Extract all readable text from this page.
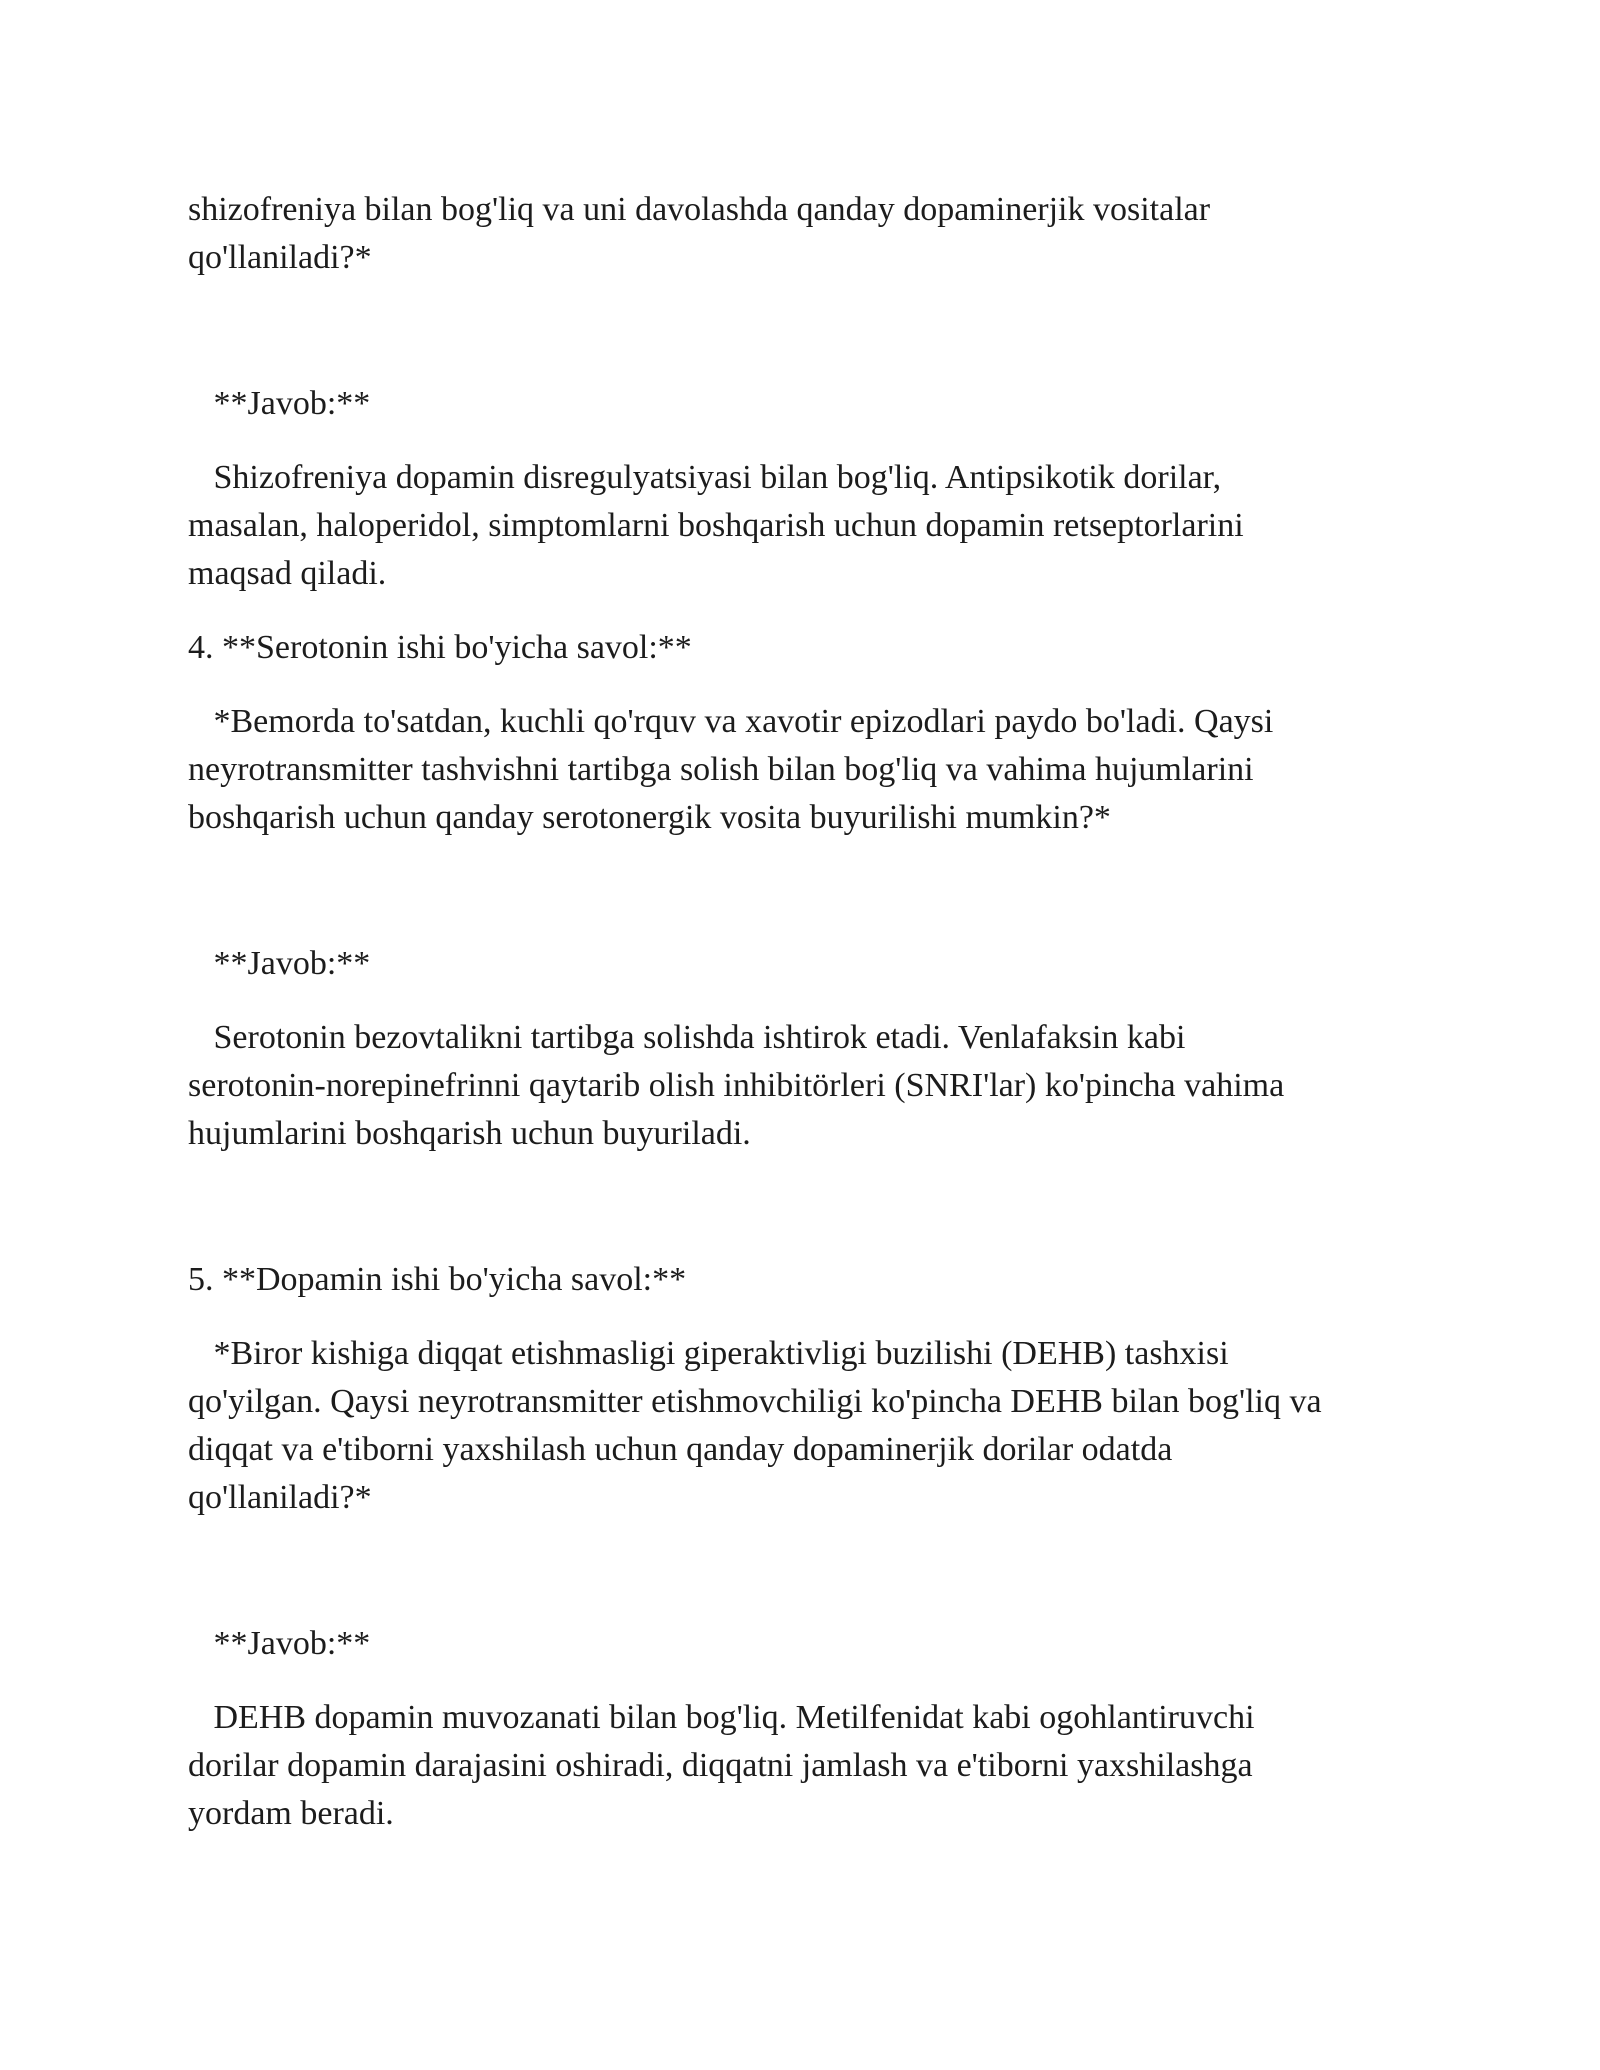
shizofreniya bilan bog'liq va uni davolashda qanday dopaminerjik vositalar
qo'llaniladi?*

**Javob:**

Shizofreniya dopamin disregulyatsiyasi bilan bog'liq. Antipsikotik dorilar,
masalan, haloperidol, simptomlarni boshqarish uchun dopamin retseptorlarini
maqsad qiladi.

4. **Serotonin ishi bo'yicha savol:**

*Bemorda to'satdan, kuchli qo'rquv va xavotir epizodlari paydo bo'ladi. Qaysi
neyrotransmitter tashvishni tartibga solish bilan bog'liq va vahima hujumlarini
boshqarish uchun qanday serotonergik vosita buyurilishi mumkin?*

**Javob:**

Serotonin bezovtalikni tartibga solishda ishtirok etadi. Venlafaksin kabi
serotonin-norepinefrinni qaytarib olish inhibitörleri (SNRI'lar) ko'pincha vahima
hujumlarini boshqarish uchun buyuriladi.

5. **Dopamin ishi bo'yicha savol:**

*Biror kishiga diqqat etishmasligi giperaktivligi buzilishi (DEHB) tashxisi
qo'yilgan. Qaysi neyrotransmitter etishmovchiligi ko'pincha DEHB bilan bog'liq va
diqqat va e'tiborni yaxshilash uchun qanday dopaminerjik dorilar odatda
qo'llaniladi?*

**Javob:**

DEHB dopamin muvozanati bilan bog'liq. Metilfenidat kabi ogohlantiruvchi
dorilar dopamin darajasini oshiradi, diqqatni jamlash va e'tiborni yaxshilashga
yordam beradi.
